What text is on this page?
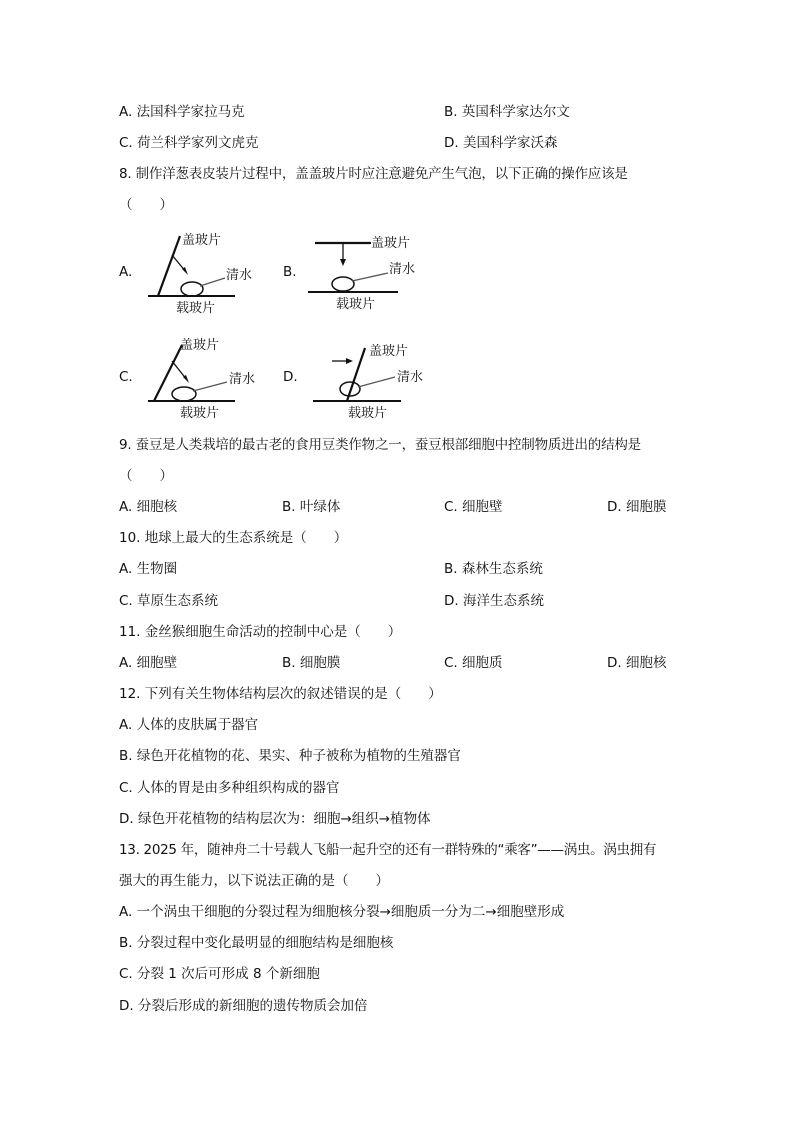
A. 法国科学家拉马克	B. 英国科学家达尔文
C. 荷兰科学家列文虎克	D. 美国科学家沃森
8. 制作洋葱表皮装片过程中，盖盖玻片时应注意避免产生气泡，以下正确的操作应该是
（　　）
A.
盖玻片
清水
载玻片
B.
盖玻片
清水
载玻片
C.
盖玻片
清水
载玻片
D.
盖玻片
清水
载玻片
9. 蚕豆是人类栽培的最古老的食用豆类作物之一，蚕豆根部细胞中控制物质进出的结构是
（　　）
A. 细胞核	B. 叶绿体	C. 细胞壁	D. 细胞膜
10. 地球上最大的生态系统是（　　）
A. 生物圈	B. 森林生态系统
C. 草原生态系统	D. 海洋生态系统
11. 金丝猴细胞生命活动的控制中心是（　　）
A. 细胞壁	B. 细胞膜	C. 细胞质	D. 细胞核
12. 下列有关生物体结构层次的叙述错误的是（　　）
A. 人体的皮肤属于器官
B. 绿色开花植物的花、果实、种子被称为植物的生殖器官
C. 人体的胃是由多种组织构成的器官
D. 绿色开花植物的结构层次为：细胞→组织→植物体
13. 2025 年，随神舟二十号载人飞船一起升空的还有一群特殊的“乘客”——涡虫。涡虫拥有
强大的再生能力，以下说法正确的是（　　）
A. 一个涡虫干细胞的分裂过程为细胞核分裂→细胞质一分为二→细胞壁形成
B. 分裂过程中变化最明显的细胞结构是细胞核
C. 分裂 1 次后可形成 8 个新细胞
D. 分裂后形成的新细胞的遗传物质会加倍
